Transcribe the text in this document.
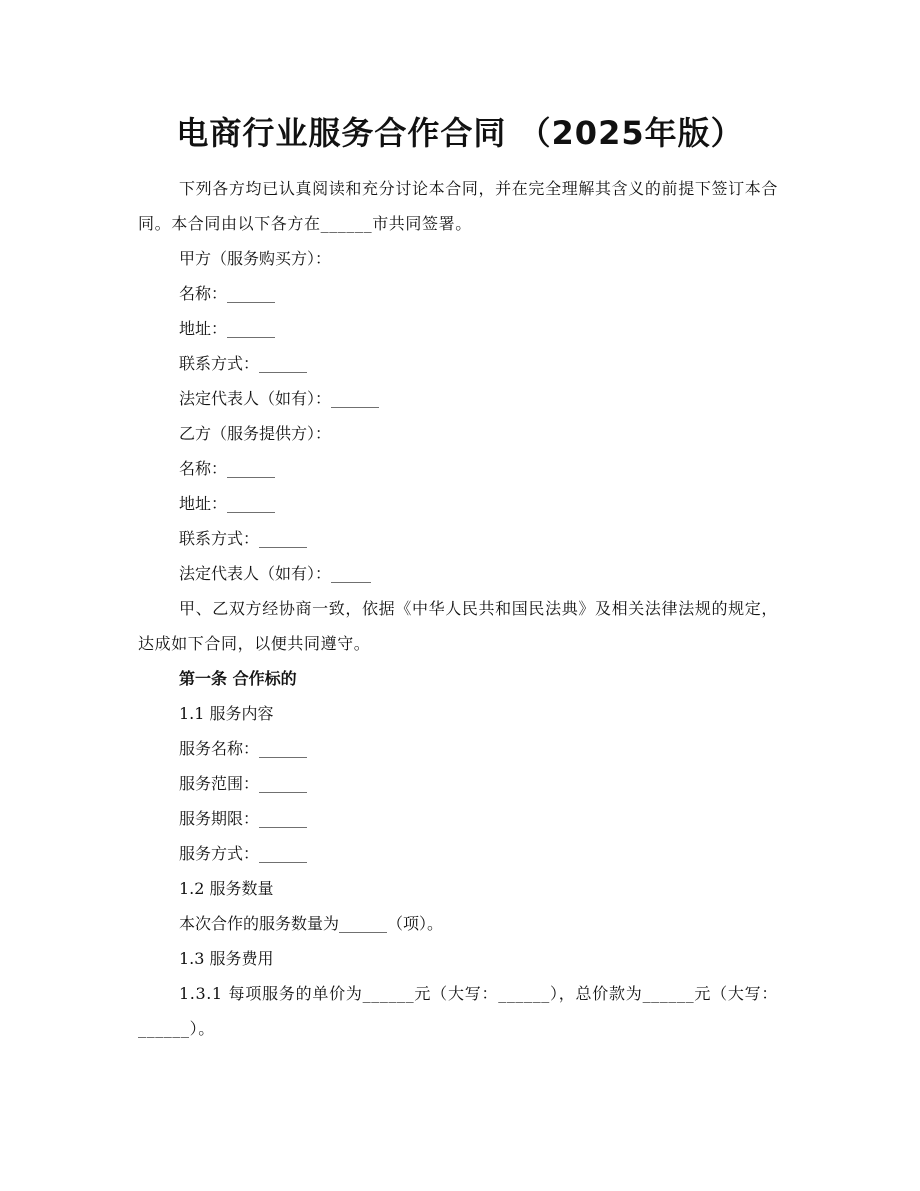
电商行业服务合作合同 （2025年版）

下列各方均已认真阅读和充分讨论本合同，并在完全理解其含义的前提下签订本合同。本合同由以下各方在______市共同签署。

甲方（服务购买方）：

名称：______

地址：______

联系方式：______

法定代表人（如有）：______

乙方（服务提供方）：

名称：______

地址：______

联系方式：______

法定代表人（如有）：_____

甲、乙双方经协商一致，依据《中华人民共和国民法典》及相关法律法规的规定，达成如下合同，以便共同遵守。

第一条 合作标的

1.1 服务内容

服务名称：______

服务范围：______

服务期限：______

服务方式：______

1.2 服务数量

本次合作的服务数量为______（项）。

1.3 服务费用

1.3.1 每项服务的单价为______元（大写：______），总价款为______元（大写：______）。
